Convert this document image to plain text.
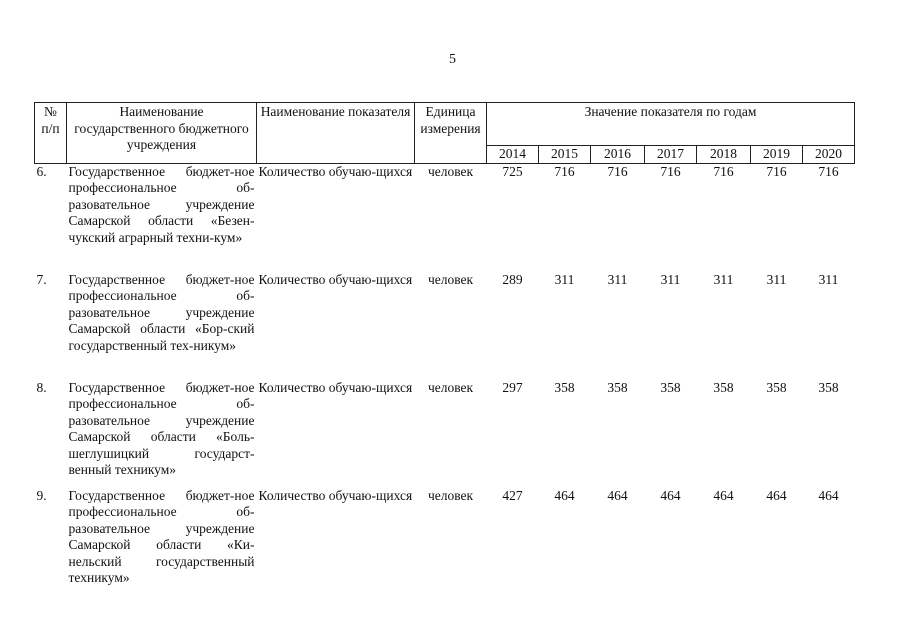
5
№ п/п	Наименование государственного бюджетного учреждения	Наименование показателя	Единица измерения	Значение показателя по годам						
				2014	2015	2016	2017	2018	2019	2020
6.	Государственное бюджет-ное профессиональное об-разовательное учреждение Самарской области «Безен-чукский аграрный техни-кум»	Количество обучаю-щихся	человек	725	716	716	716	716	716	716
7.	Государственное бюджет-ное профессиональное об-разовательное учреждение Самарской области «Бор-ский государственный тех-никум»	Количество обучаю-щихся	человек	289	311	311	311	311	311	311
8.	Государственное бюджет-ное профессиональное об-разовательное учреждение Самарской области «Боль-шеглушицкий государст-венный техникум»	Количество обучаю-щихся	человек	297	358	358	358	358	358	358
9.	Государственное бюджет-ное профессиональное об-разовательное учреждение Самарской области «Ки-нельский государственный техникум»	Количество обучаю-щихся	человек	427	464	464	464	464	464	464
